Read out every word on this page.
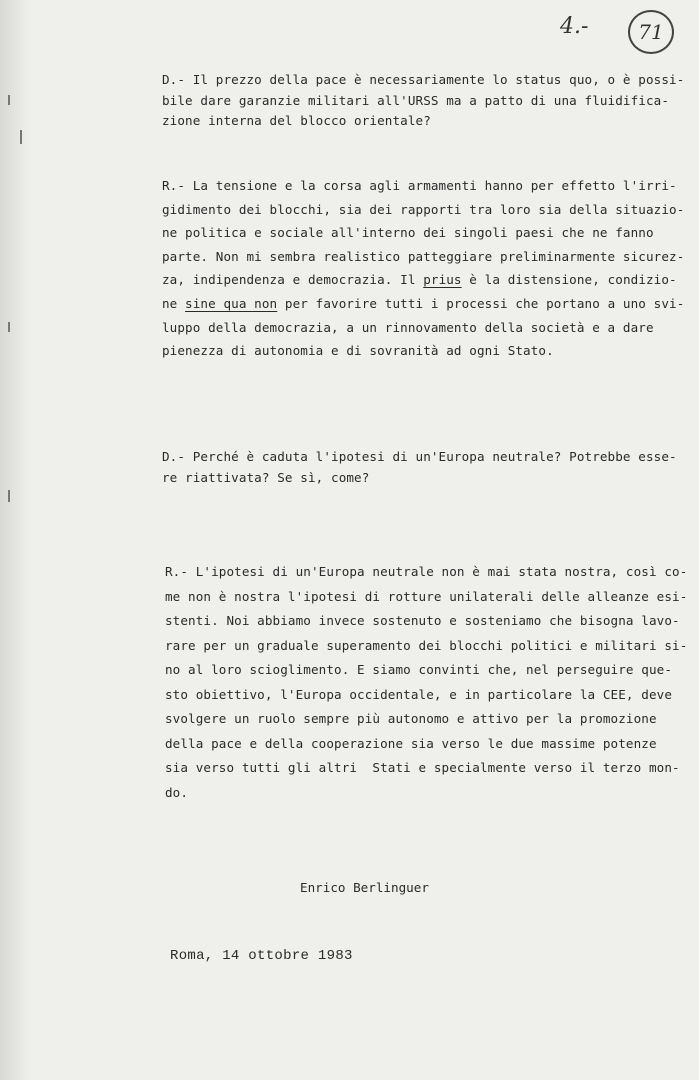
4.- 71
D.- Il prezzo della pace è necessariamente lo status quo, o è possi-
bile dare garanzie militari all'URSS ma a patto di una fluidifica-
zione interna del blocco orientale?
R.- La tensione e la corsa agli armamenti hanno per effetto l'irri-
gidimento dei blocchi, sia dei rapporti tra loro sia della situazio-
ne politica e sociale all'interno dei singoli paesi che ne fanno
parte. Non mi sembra realistico patteggiare preliminarmente sicurez-
za, indipendenza e democrazia. Il prius è la distensione, condizio-
ne sine qua non per favorire tutti i processi che portano a uno svi-
luppo della democrazia, a un rinnovamento della società e a dare
pienezza di autonomia e di sovranità ad ogni Stato.
D.- Perché è caduta l'ipotesi di un'Europa neutrale? Potrebbe esse-
re riattivata? Se sì, come?
R.- L'ipotesi di un'Europa neutrale non è mai stata nostra, così co-
me non è nostra l'ipotesi di rotture unilaterali delle alleanze esi-
stenti. Noi abbiamo invece sostenuto e sosteniamo che bisogna lavo-
rare per un graduale superamento dei blocchi politici e militari si-
no al loro scioglimento. E siamo convinti che, nel perseguire que-
sto obiettivo, l'Europa occidentale, e in particolare la CEE, deve
svolgere un ruolo sempre più autonomo e attivo per la promozione
della pace e della cooperazione sia verso le due massime potenze
sia verso tutti gli altri  Stati e specialmente verso il terzo mon-
do.
Enrico Berlinguer
Roma, 14 ottobre 1983
